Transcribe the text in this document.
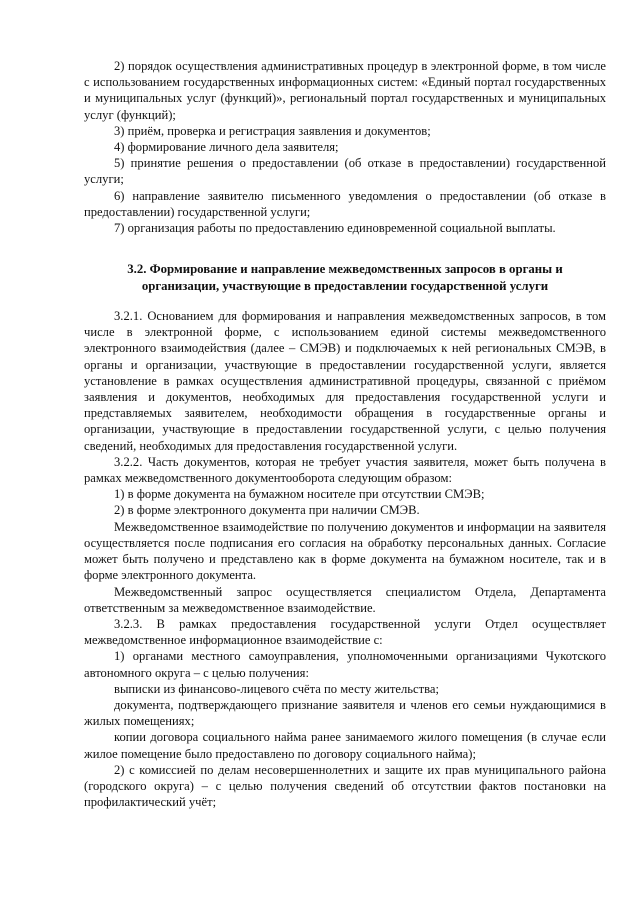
2) порядок осуществления административных процедур в электронной форме, в том числе с использованием государственных информационных систем: «Единый портал государственных и муниципальных услуг (функций)», региональный портал государственных и муниципальных услуг (функций);

3) приём, проверка и регистрация заявления и документов;

4) формирование личного дела заявителя;

5) принятие решения о предоставлении (об отказе в предоставлении) государственной услуги;

6) направление заявителю письменного уведомления о предоставлении (об отказе в предоставлении) государственной услуги;

7) организация работы по предоставлению единовременной социальной выплаты.

3.2. Формирование и направление межведомственных запросов в органы и
организации, участвующие в предоставлении государственной услуги

3.2.1. Основанием для формирования и направления межведомственных запросов, в том числе в электронной форме, с использованием единой системы межведомственного электронного взаимодействия (далее – СМЭВ) и подключаемых к ней региональных СМЭВ, в органы и организации, участвующие в предоставлении государственной услуги, является установление в рамках осуществления административной процедуры, связанной с приёмом заявления и документов, необходимых для предоставления государственной услуги и представляемых заявителем, необходимости обращения в государственные органы и организации, участвующие в предоставлении государственной услуги, с целью получения сведений, необходимых для предоставления государственной услуги.

3.2.2. Часть документов, которая не требует участия заявителя, может быть получена в рамках межведомственного документооборота следующим образом:

1) в форме документа на бумажном носителе при отсутствии СМЭВ;

2) в форме электронного документа при наличии СМЭВ.

Межведомственное взаимодействие по получению документов и информации на заявителя осуществляется после подписания его согласия на обработку персональных данных. Согласие может быть получено и представлено как в форме документа на бумажном носителе, так и в форме электронного документа.

Межведомственный запрос осуществляется специалистом Отдела, Департамента ответственным за межведомственное взаимодействие.

3.2.3. В рамках предоставления государственной услуги Отдел осуществляет межведомственное информационное взаимодействие с:

1) органами местного самоуправления, уполномоченными организациями Чукотского автономного округа – с целью получения:

выписки из финансово-лицевого счёта по месту жительства;

документа, подтверждающего признание заявителя и членов его семьи нуждающимися в жилых помещениях;

копии договора социального найма ранее занимаемого жилого помещения (в случае если жилое помещение было предоставлено по договору социального найма);

2) с комиссией по делам несовершеннолетних и защите их прав муниципального района (городского округа) – с целью получения сведений об отсутствии фактов постановки на профилактический учёт;
